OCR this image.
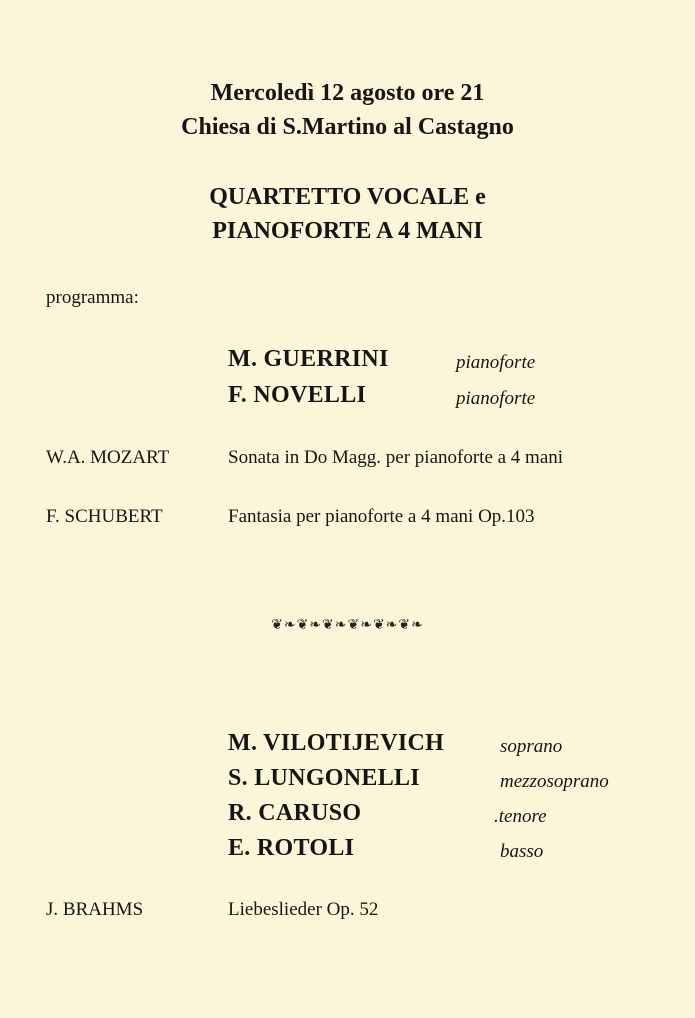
Mercoledì 12 agosto ore 21
Chiesa di S.Martino al Castagno
QUARTETTO VOCALE e
PIANOFORTE A 4 MANI
programma:
M. GUERRINI	pianoforte
F. NOVELLI	pianoforte
W.A. MOZART	Sonata in Do Magg. per pianoforte a 4 mani
F. SCHUBERT	Fantasia per pianoforte a 4 mani Op.103
❦❧❦❧❦❧❦❧❦❧❦❧
M. VILOTIJEVICH	soprano
S. LUNGONELLI	mezzosoprano
R. CARUSO	.tenore
E. ROTOLI	basso
J. BRAHMS	Liebeslieder Op. 52
